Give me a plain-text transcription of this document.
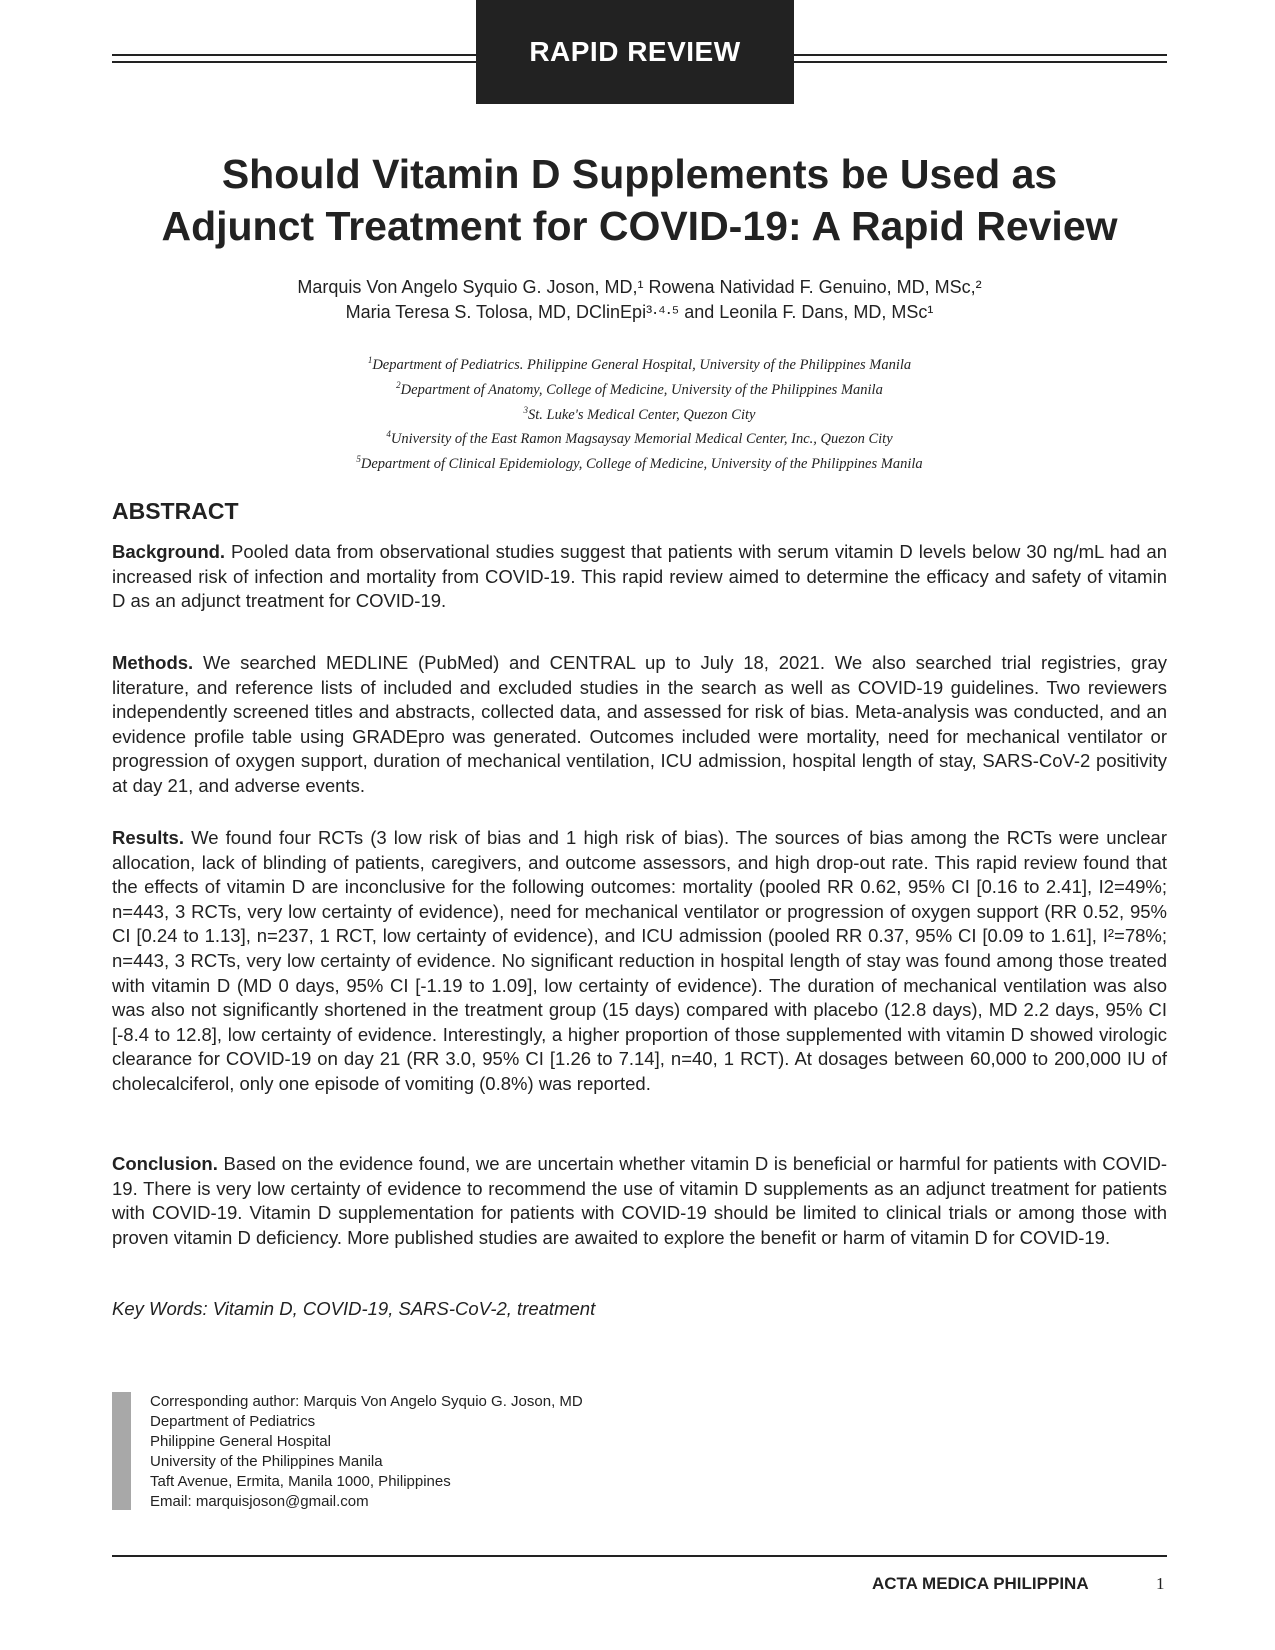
RAPID REVIEW
Should Vitamin D Supplements be Used as
Adjunct Treatment for COVID-19: A Rapid Review
Marquis Von Angelo Syquio G. Joson, MD,¹ Rowena Natividad F. Genuino, MD, MSc,²
Maria Teresa S. Tolosa, MD, DClinEpi³·⁴·⁵ and Leonila F. Dans, MD, MSc¹
$^1$Department of Pediatrics. Philippine General Hospital, University of the Philippines Manila
$^2$Department of Anatomy, College of Medicine, University of the Philippines Manila
$^3$St. Luke's Medical Center, Quezon City
$^4$University of the East Ramon Magsaysay Memorial Medical Center, Inc., Quezon City
$^5$Department of Clinical Epidemiology, College of Medicine, University of the Philippines Manila
ABSTRACT

Background. Pooled data from observational studies suggest that patients with serum vitamin D levels below 30 ng/mL had an increased risk of infection and mortality from COVID-19. This rapid review aimed to determine the efficacy and safety of vitamin D as an adjunct treatment for COVID-19.

Methods. We searched MEDLINE (PubMed) and CENTRAL up to July 18, 2021. We also searched trial registries, gray literature, and reference lists of included and excluded studies in the search as well as COVID-19 guidelines. Two reviewers independently screened titles and abstracts, collected data, and assessed for risk of bias. Meta-analysis was conducted, and an evidence profile table using GRADEpro was generated. Outcomes included were mortality, need for mechanical ventilator or progression of oxygen support, duration of mechanical ventilation, ICU admission, hospital length of stay, SARS-CoV-2 positivity at day 21, and adverse events.

Results. We found four RCTs (3 low risk of bias and 1 high risk of bias). The sources of bias among the RCTs were unclear allocation, lack of blinding of patients, caregivers, and outcome assessors, and high drop-out rate. This rapid review found that the effects of vitamin D are inconclusive for the following outcomes: mortality (pooled RR 0.62, 95% CI [0.16 to 2.41], I2=49%; n=443, 3 RCTs, very low certainty of evidence), need for mechanical ventilator or progression of oxygen support (RR 0.52, 95% CI [0.24 to 1.13], n=237, 1 RCT, low certainty of evidence), and ICU admission (pooled RR 0.37, 95% CI [0.09 to 1.61], I²=78%; n=443, 3 RCTs, very low certainty of evidence. No significant reduction in hospital length of stay was found among those treated with vitamin D (MD 0 days, 95% CI [-1.19 to 1.09], low certainty of evidence). The duration of mechanical ventilation was also was also not significantly shortened in the treatment group (15 days) compared with placebo (12.8 days), MD 2.2 days, 95% CI [-8.4 to 12.8], low certainty of evidence. Interestingly, a higher proportion of those supplemented with vitamin D showed virologic clearance for COVID-19 on day 21 (RR 3.0, 95% CI [1.26 to 7.14], n=40, 1 RCT). At dosages between 60,000 to 200,000 IU of cholecalciferol, only one episode of vomiting (0.8%) was reported.

Conclusion. Based on the evidence found, we are uncertain whether vitamin D is beneficial or harmful for patients with COVID-19. There is very low certainty of evidence to recommend the use of vitamin D supplements as an adjunct treatment for patients with COVID-19. Vitamin D supplementation for patients with COVID-19 should be limited to clinical trials or among those with proven vitamin D deficiency. More published studies are awaited to explore the benefit or harm of vitamin D for COVID-19.

Key Words: Vitamin D, COVID-19, SARS-CoV-2, treatment
Corresponding author: Marquis Von Angelo Syquio G. Joson, MD
Department of Pediatrics
Philippine General Hospital
University of the Philippines Manila
Taft Avenue, Ermita, Manila 1000, Philippines
Email: marquisjoson@gmail.com
ACTA MEDICA PHILIPPINA	1
